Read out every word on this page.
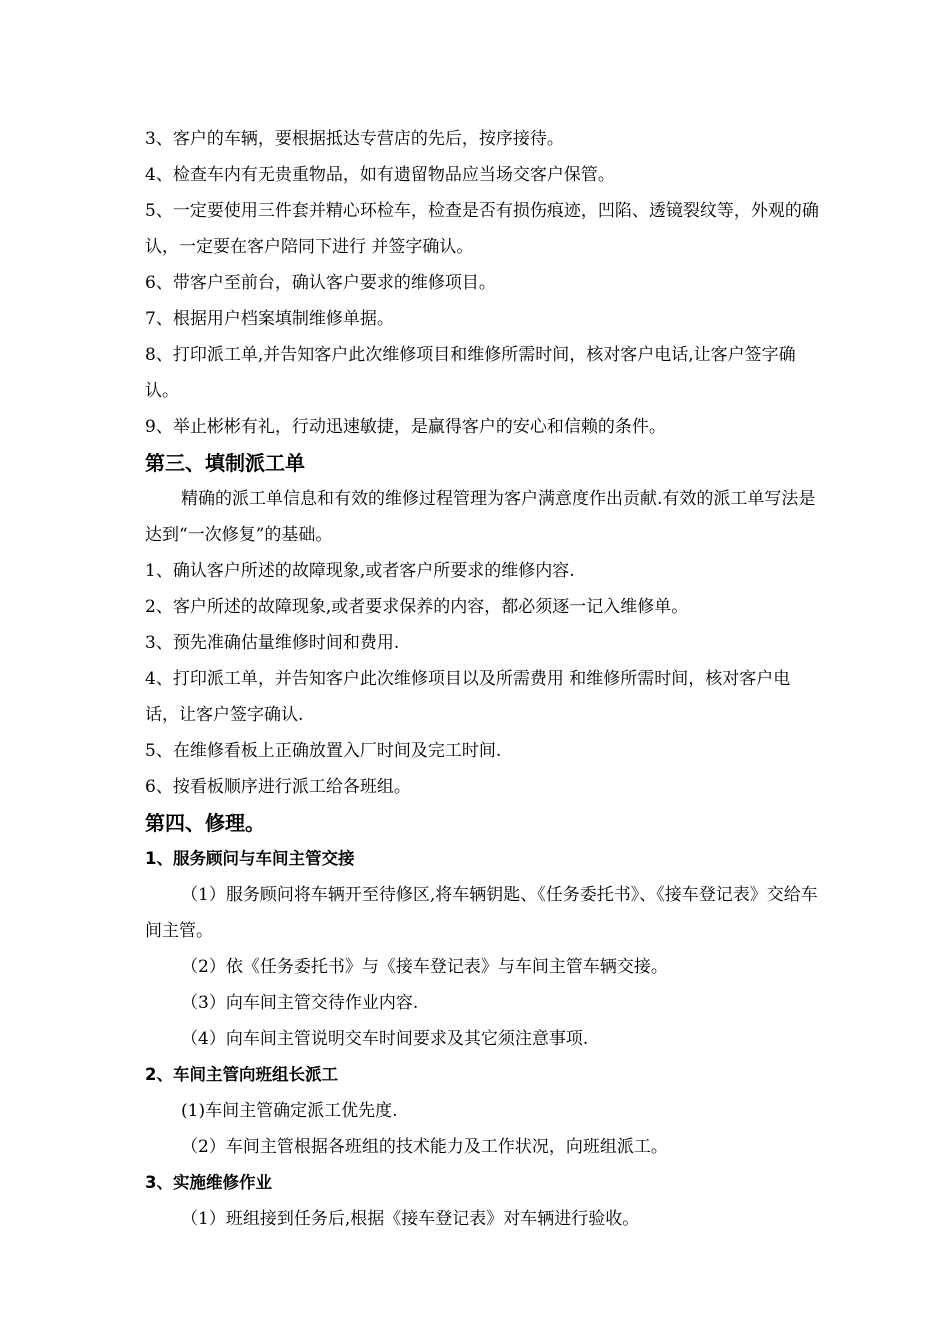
3、客户的车辆，要根据抵达专营店的先后，按序接待。
4、检查车内有无贵重物品，如有遗留物品应当场交客户保管。
5、一定要使用三件套并精心环检车，检查是否有损伤痕迹，凹陷、透镜裂纹等，外观的确认，一定要在客户陪同下进行 并签字确认。
6、带客户至前台，确认客户要求的维修项目。
7、根据用户档案填制维修单据。
8、打印派工单,并告知客户此次维修项目和维修所需时间，核对客户电话,让客户签字确认。
9、举止彬彬有礼，行动迅速敏捷，是赢得客户的安心和信赖的条件。
第三、填制派工单
精确的派工单信息和有效的维修过程管理为客户满意度作出贡献.有效的派工单写法是达到“一次修复”的基础。
1、确认客户所述的故障现象,或者客户所要求的维修内容.
2、客户所述的故障现象,或者要求保养的内容，都必须逐一记入维修单。
3、预先准确估量维修时间和费用.
4、打印派工单，并告知客户此次维修项目以及所需费用 和维修所需时间，核对客户电话，让客户签字确认.
5、在维修看板上正确放置入厂时间及完工时间.
6、按看板顺序进行派工给各班组。
第四、修理。
1、服务顾问与车间主管交接
（1）服务顾问将车辆开至待修区,将车辆钥匙、《任务委托书》、《接车登记表》交给车间主管。
（2）依《任务委托书》与《接车登记表》与车间主管车辆交接。
（3）向车间主管交待作业内容.
（4）向车间主管说明交车时间要求及其它须注意事项.
2、车间主管向班组长派工
(1)车间主管确定派工优先度.
（2）车间主管根据各班组的技术能力及工作状况，向班组派工。
3、实施维修作业
（1）班组接到任务后,根据《接车登记表》对车辆进行验收。
